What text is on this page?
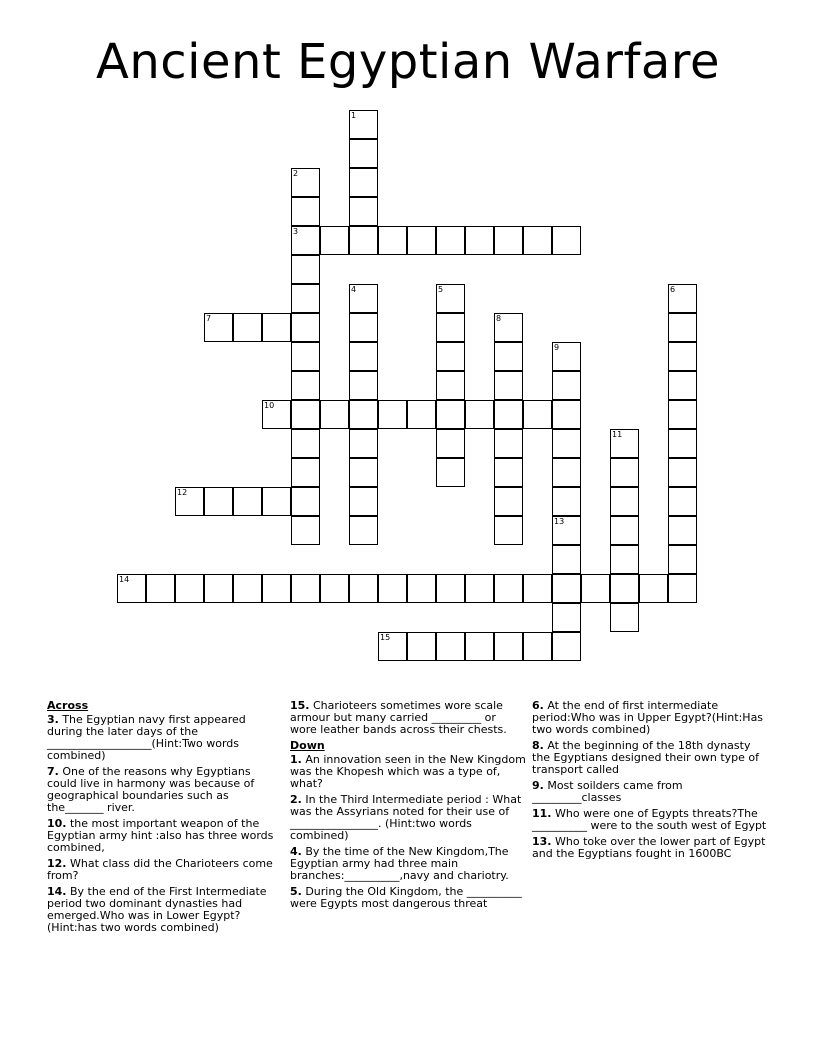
Ancient Egyptian Warfare
1
2
3
4	5	6
7	8
9
10
11
12
13
14
15
Across

3. The Egyptian navy first appeared during the later days of the ___________________(Hint:Two words combined)

7. One of the reasons why Egyptians could live in harmony was because of geographical boundaries such as the_______ river.

10. the most important weapon of the Egyptian army hint :also has three words combined,

12. What class did the Charioteers come from?

14. By the end of the First Intermediate period two dominant dynasties had emerged.Who was in Lower Egypt?(Hint:has two words combined)

15. Charioteers sometimes wore scale armour but many carried _________ or wore leather bands across their chests.

Down

1. An innovation seen in the New Kingdom was the Khopesh which was a type of, what?

2. In the Third Intermediate period : What was the Assyrians noted for their use of ________________. (Hint:two words combined)

4. By the time of the New Kingdom,The Egyptian army had three main branches:__________,navy and chariotry.

5. During the Old Kingdom, the __________ were Egypts most dangerous threat

6. At the end of first intermediate period:Who was in Upper Egypt?(Hint:Has two words combined)

8. At the beginning of the 18th dynasty the Egyptians designed their own type of transport called

9. Most soilders came from _________classes

11. Who were one of Egypts threats?The __________ were to the south west of Egypt

13. Who toke over the lower part of Egypt and the Egyptians fought in 1600BC
